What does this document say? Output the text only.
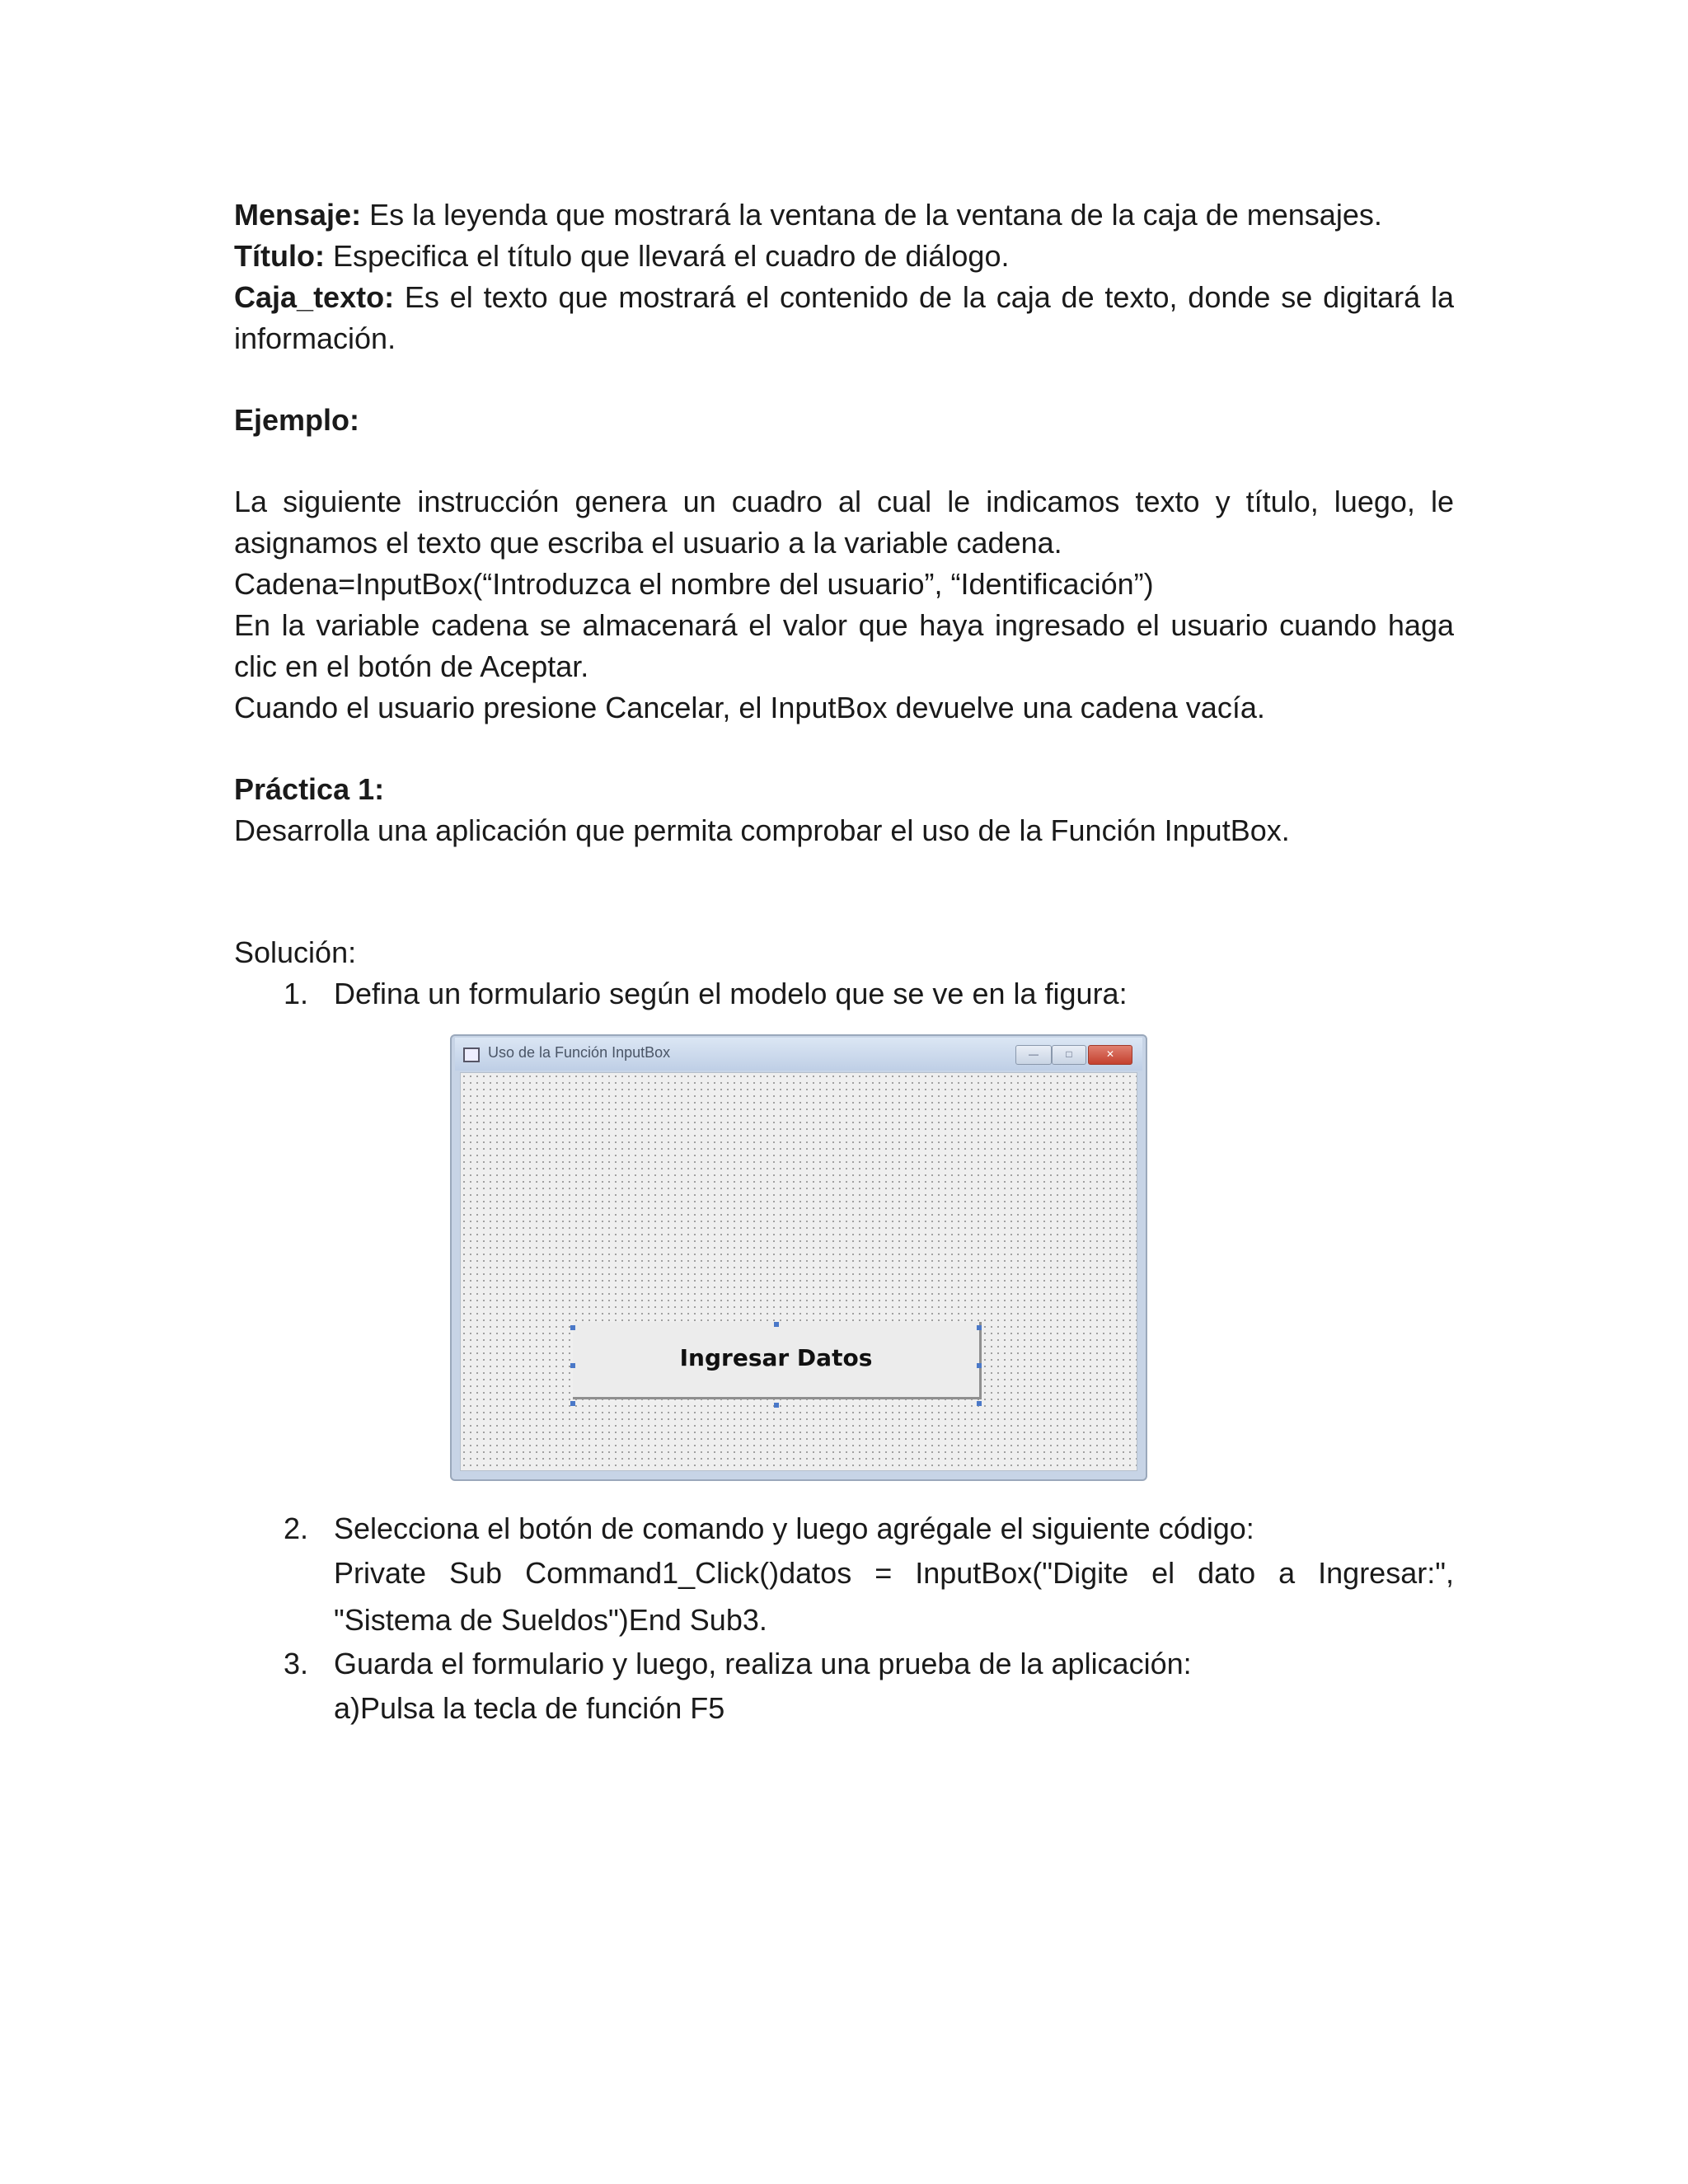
Mensaje: Es la leyenda que mostrará la ventana de la ventana de la caja de mensajes.

Título: Especifica el título que llevará el cuadro de diálogo.

Caja_texto: Es el texto que mostrará el contenido de la caja de texto, donde se digitará la información.

Ejemplo:

La siguiente instrucción genera un cuadro al cual le indicamos texto y título, luego, le asignamos el texto que escriba el usuario a la variable cadena.

Cadena=InputBox(“Introduzca el nombre del usuario”, “Identificación”)

En la variable cadena se almacenará el valor que haya ingresado el usuario cuando haga clic en el botón de Aceptar.

Cuando el usuario presione Cancelar, el InputBox devuelve una cadena vacía.

Práctica 1:

Desarrolla una aplicación que permita comprobar el uso de la Función InputBox.

Solución:

1. Defina un formulario según el modelo que se ve en la figura:
Uso de la Función InputBox	—	□	✕
Ingresar Datos
2. Selecciona el botón de comando y luego agrégale el siguiente código:
Private Sub Command1_Click()datos = InputBox("Digite el dato a Ingresar:", "Sistema de Sueldos")End Sub3.
3. Guarda el formulario y luego, realiza una prueba de la aplicación:
a)Pulsa la tecla de función F5
